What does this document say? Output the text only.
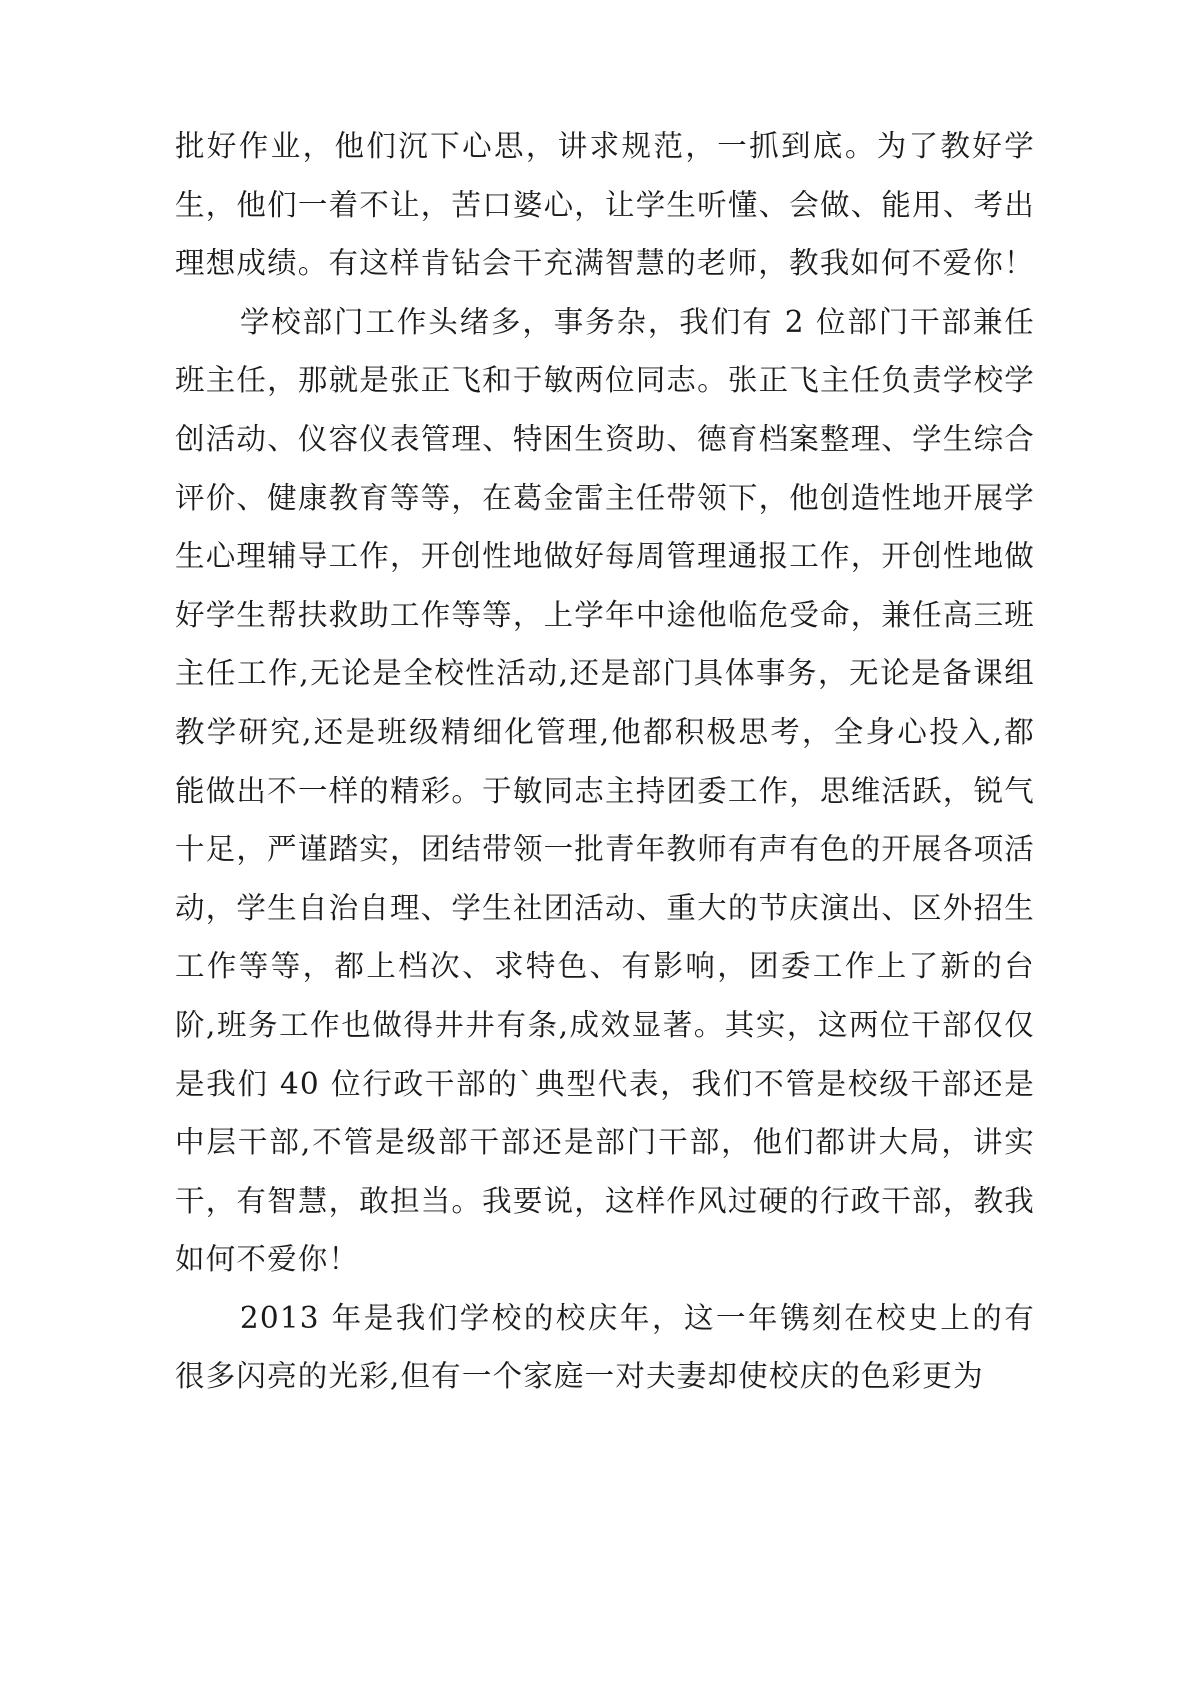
批好作业，他们沉下心思，讲求规范，一抓到底。为了教好学生，他们一着不让，苦口婆心，让学生听懂、会做、能用、考出理想成绩。有这样肯钻会干充满智慧的老师，教我如何不爱你！

学校部门工作头绪多，事务杂，我们有 2 位部门干部兼任班主任，那就是张正飞和于敏两位同志。张正飞主任负责学校学创活动、仪容仪表管理、特困生资助、德育档案整理、学生综合评价、健康教育等等，在葛金雷主任带领下，他创造性地开展学生心理辅导工作，开创性地做好每周管理通报工作，开创性地做好学生帮扶救助工作等等，上学年中途他临危受命，兼任高三班主任工作,无论是全校性活动,还是部门具体事务，无论是备课组教学研究,还是班级精细化管理,他都积极思考，全身心投入,都能做出不一样的精彩。于敏同志主持团委工作，思维活跃，锐气十足，严谨踏实，团结带领一批青年教师有声有色的开展各项活动，学生自治自理、学生社团活动、重大的节庆演出、区外招生工作等等，都上档次、求特色、有影响，团委工作上了新的台阶,班务工作也做得井井有条,成效显著。其实，这两位干部仅仅是我们 40 位行政干部的`典型代表，我们不管是校级干部还是中层干部,不管是级部干部还是部门干部，他们都讲大局，讲实干，有智慧，敢担当。我要说，这样作风过硬的行政干部，教我如何不爱你！

2013 年是我们学校的校庆年，这一年镌刻在校史上的有很多闪亮的光彩,但有一个家庭一对夫妻却使校庆的色彩更为
